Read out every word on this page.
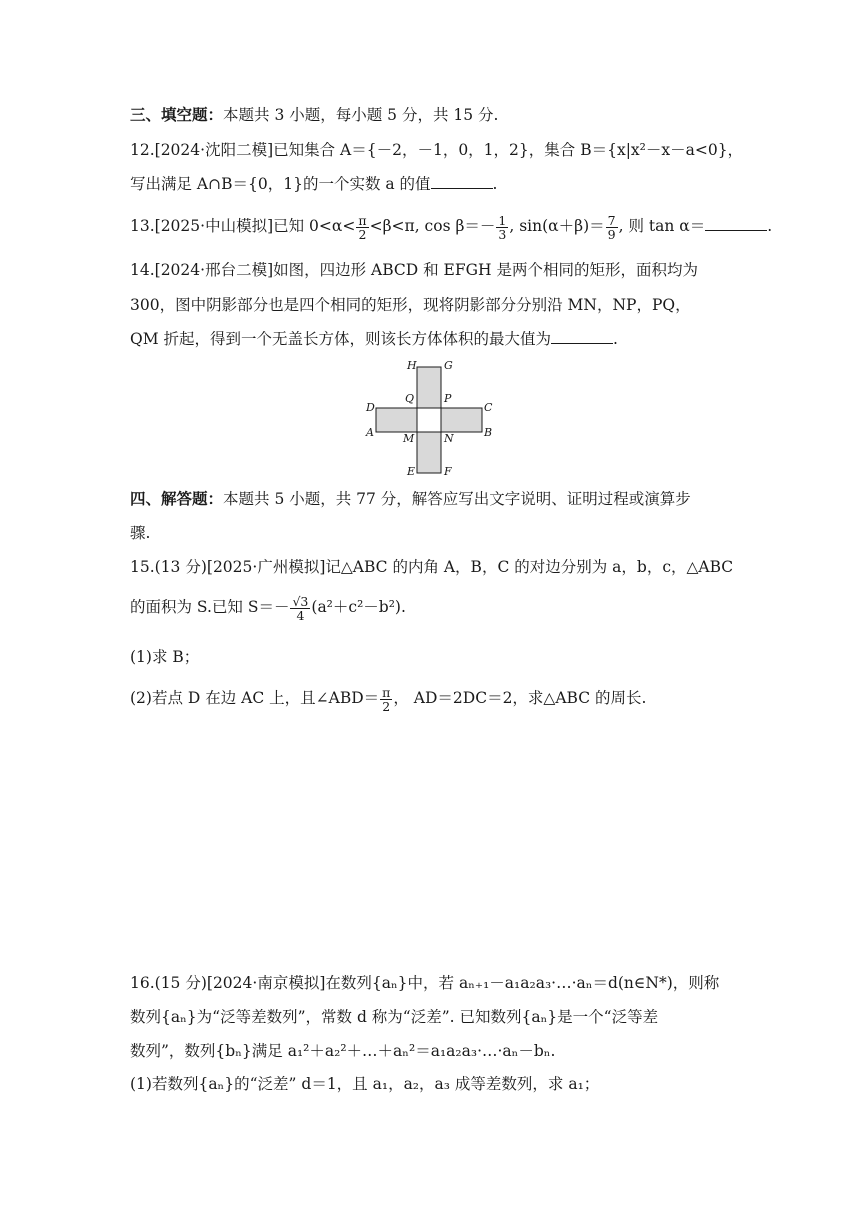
三、填空题：本题共 3 小题，每小题 5 分，共 15 分.
12.[2024·沈阳二模]已知集合 A＝{－2，－1，0，1，2}，集合 B＝{x|x²－x－a<0}，
写出满足 A∩B＝{0，1}的一个实数 a 的值	.
13.[2025·中山模拟]已知 $0<\alpha< \frac{\pi}{2} <\beta<\pi$, $\cos \beta=- \frac{1}{3}$ , $\sin(\alpha+\beta)= \frac{7}{9}$ , 则 tan α＝	.
14.[2024·邢台二模]如图，四边形 ABCD 和 EFGH 是两个相同的矩形，面积均为
300，图中阴影部分也是四个相同的矩形，现将阴影部分分别沿 MN，NP，PQ，
QM 折起，得到一个无盖长方体，则该长方体体积的最大值为	.
H G
Q	P
D	C
A	M	N	B
E	F
四、解答题：本题共 5 小题，共 77 分，解答应写出文字说明、证明过程或演算步
骤.
15.(13 分)[2025·广州模拟]记△ABC 的内角 A，B，C 的对边分别为 a，b，c，△ABC
的面积为 S.已知 $S=- \frac{√3}{4} (a^2+c^2-b^2)$.
(1)求 B；
(2)若点 D 在边 AC 上，且∠ABD＝ $\frac{\pi}{2}$ ， AD＝2DC＝2，求△ABC 的周长.
16.(15 分)[2024·南京模拟]在数列{aₙ}中，若 aₙ₊₁－a₁a₂a₃·…·aₙ＝d(n∈N*)，则称
数列{aₙ}为“泛等差数列”，常数 d 称为“泛差”. 已知数列{aₙ}是一个“泛等差
数列”，数列{bₙ}满足 a₁²＋a₂²＋…＋aₙ²＝a₁a₂a₃·…·aₙ－bₙ.
(1)若数列{aₙ}的“泛差” d＝1，且 a₁，a₂，a₃ 成等差数列，求 a₁；
